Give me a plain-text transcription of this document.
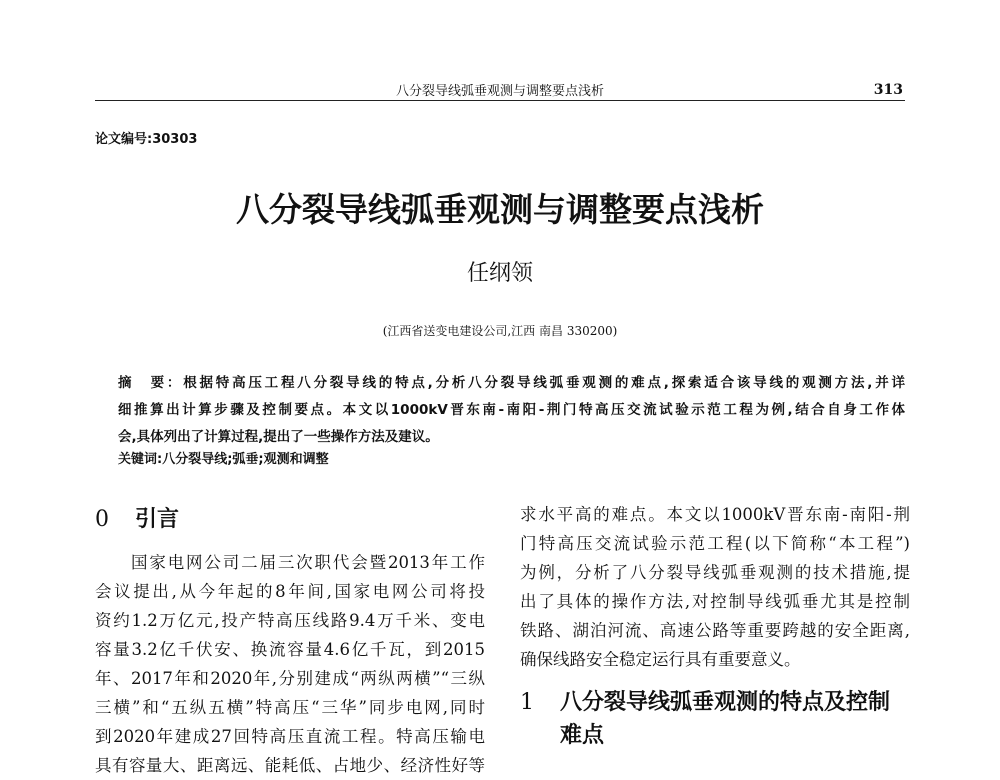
八分裂导线弧垂观测与调整要点浅析	313
论文编号:30303
八分裂导线弧垂观测与调整要点浅析
任纲领
(江西省送变电建设公司,江西 南昌 330200)
摘　要：根据特高压工程八分裂导线的特点,分析八分裂导线弧垂观测的难点,探索适合该导线的观测方法,并详
细推算出计算步骤及控制要点。本文以1000kV晋东南-南阳-荆门特高压交流试验示范工程为例,结合自身工作体
会,具体列出了计算过程,提出了一些操作方法及建议。
关键词:八分裂导线;弧垂;观测和调整
0 引言
国家电网公司二届三次职代会暨2013年工作
会议提出,从今年起的8年间,国家电网公司将投
资约1.2万亿元,投产特高压线路9.4万千米、变电
容量3.2亿千伏安、换流容量4.6亿千瓦，到2015
年、2017年和2020年,分别建成“两纵两横”“三纵
三横”和“五纵五横”特高压“三华”同步电网,同时
到2020年建成27回特高压直流工程。特高压输电
具有容量大、距离远、能耗低、占地少、经济性好等
求水平高的难点。本文以1000kV晋东南-南阳-荆
门特高压交流试验示范工程(以下简称“本工程”)
为例，分析了八分裂导线弧垂观测的技术措施,提
出了具体的操作方法,对控制导线弧垂尤其是控制
铁路、湖泊河流、高速公路等重要跨越的安全距离,
确保线路安全稳定运行具有重要意义。
1 八分裂导线弧垂观测的特点及控制
难点
